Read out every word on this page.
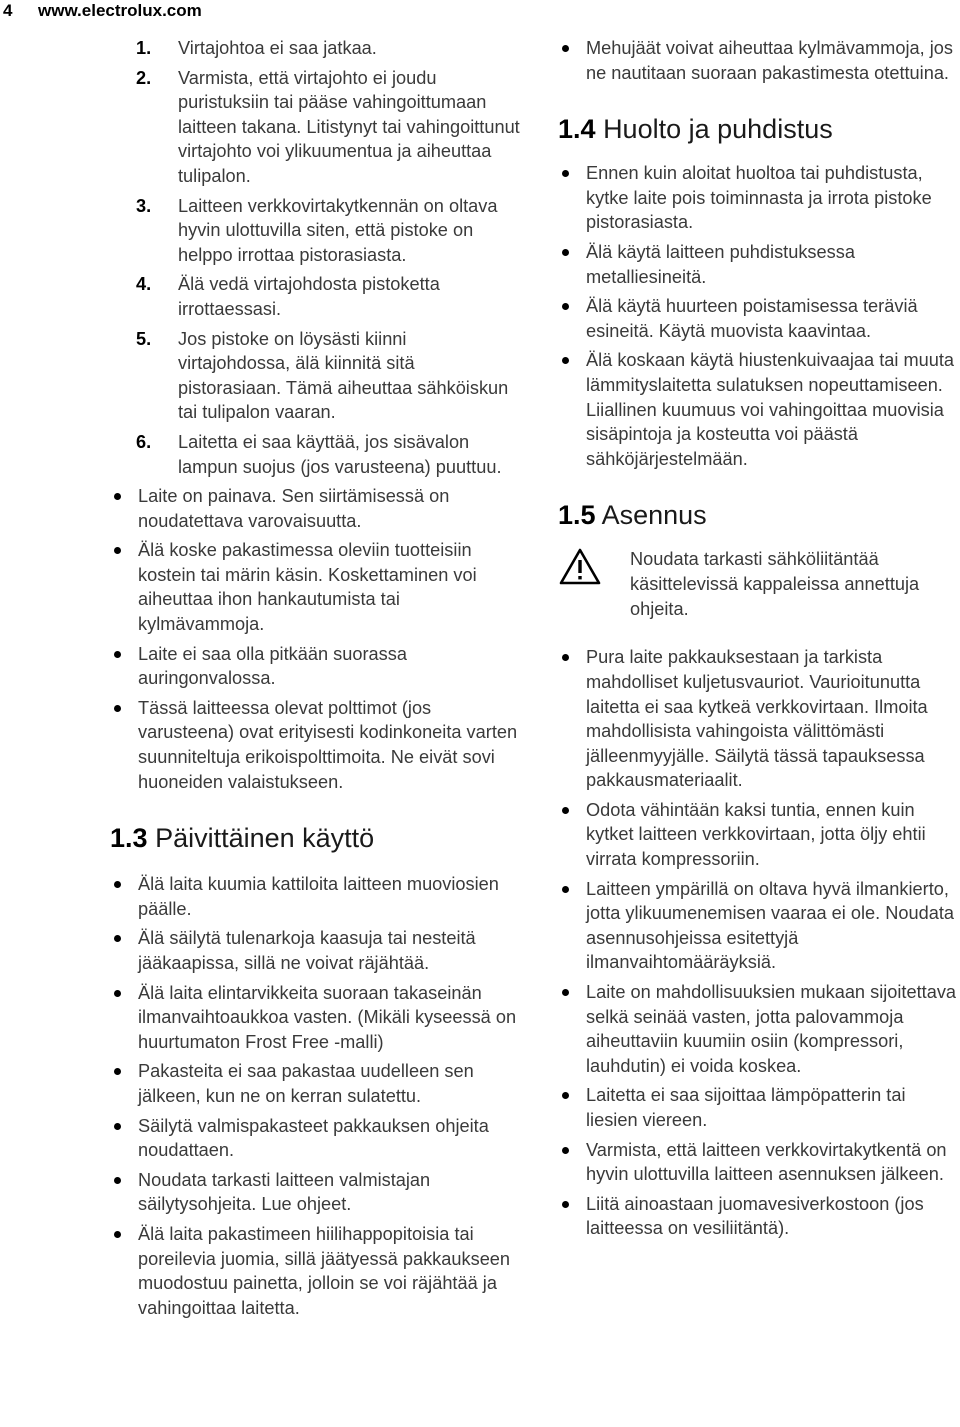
4 www.electrolux.com
1. Virtajohtoa ei saa jatkaa.
2. Varmista, että virtajohto ei joudu puristuksiin tai pääse vahingoittumaan laitteen takana. Litistynyt tai vahingoittunut virtajohto voi ylikuumentua ja aiheuttaa tulipalon.
3. Laitteen verkkovirtakytkennän on oltava hyvin ulottuvilla siten, että pistoke on helppo irrottaa pistorasiasta.
4. Älä vedä virtajohdosta pistoketta irrottaessasi.
5. Jos pistoke on löysästi kiinni virtajohdossa, älä kiinnitä sitä pistorasiaan. Tämä aiheuttaa sähköiskun tai tulipalon vaaran.
6. Laitetta ei saa käyttää, jos sisävalon lampun suojus (jos varusteena) puuttuu.
Laite on painava. Sen siirtämisessä on noudatettava varovaisuutta.
Älä koske pakastimessa oleviin tuotteisiin kostein tai märin käsin. Koskettaminen voi aiheuttaa ihon hankautumista tai kylmävammoja.
Laite ei saa olla pitkään suorassa auringonvalossa.
Tässä laitteessa olevat polttimot (jos varusteena) ovat erityisesti kodinkoneita varten suunniteltuja erikoispolttimoita. Ne eivät sovi huoneiden valaistukseen.
1.3 Päivittäinen käyttö
Älä laita kuumia kattiloita laitteen muoviosien päälle.
Älä säilytä tulenarkoja kaasuja tai nesteitä jääkaapissa, sillä ne voivat räjähtää.
Älä laita elintarvikkeita suoraan takaseinän ilmanvaihtoaukkoa vasten. (Mikäli kyseessä on huurtumaton Frost Free -malli)
Pakasteita ei saa pakastaa uudelleen sen jälkeen, kun ne on kerran sulatettu.
Säilytä valmispakasteet pakkauksen ohjeita noudattaen.
Noudata tarkasti laitteen valmistajan säilytysohjeita. Lue ohjeet.
Älä laita pakastimeen hiilihappopitoisia tai poreilevia juomia, sillä jäätyessä pakkaukseen muodostuu painetta, jolloin se voi räjähtää ja vahingoittaa laitetta.
Mehujäät voivat aiheuttaa kylmävammoja, jos ne nautitaan suoraan pakastimesta otettuina.
1.4 Huolto ja puhdistus
Ennen kuin aloitat huoltoa tai puhdistusta, kytke laite pois toiminnasta ja irrota pistoke pistorasiasta.
Älä käytä laitteen puhdistuksessa metalliesineitä.
Älä käytä huurteen poistamisessa teräviä esineitä. Käytä muovista kaavintaa.
Älä koskaan käytä hiustenkuivaajaa tai muuta lämmityslaitetta sulatuksen nopeuttamiseen. Liiallinen kuumuus voi vahingoittaa muovisia sisäpintoja ja kosteutta voi päästä sähköjärjestelmään.
1.5 Asennus
Noudata tarkasti sähköliitäntää käsittelevissä kappaleissa annettuja ohjeita.
Pura laite pakkauksestaan ja tarkista mahdolliset kuljetusvauriot. Vaurioitunutta laitetta ei saa kytkeä verkkovirtaan. Ilmoita mahdollisista vahingoista välittömästi jälleenmyyjälle. Säilytä tässä tapauksessa pakkausmateriaalit.
Odota vähintään kaksi tuntia, ennen kuin kytket laitteen verkkovirtaan, jotta öljy ehtii virrata kompressoriin.
Laitteen ympärillä on oltava hyvä ilmankierto, jotta ylikuumenemisen vaaraa ei ole. Noudata asennusohjeissa esitettyjä ilmanvaihtomääräyksiä.
Laite on mahdollisuuksien mukaan sijoitettava selkä seinää vasten, jotta palovammoja aiheuttaviin kuumiin osiin (kompressori, lauhdutin) ei voida koskea.
Laitetta ei saa sijoittaa lämpöpatterin tai liesien viereen.
Varmista, että laitteen verkkovirtakytkentä on hyvin ulottuvilla laitteen asennuksen jälkeen.
Liitä ainoastaan juomavesiverkostoon (jos laitteessa on vesiliitäntä).
